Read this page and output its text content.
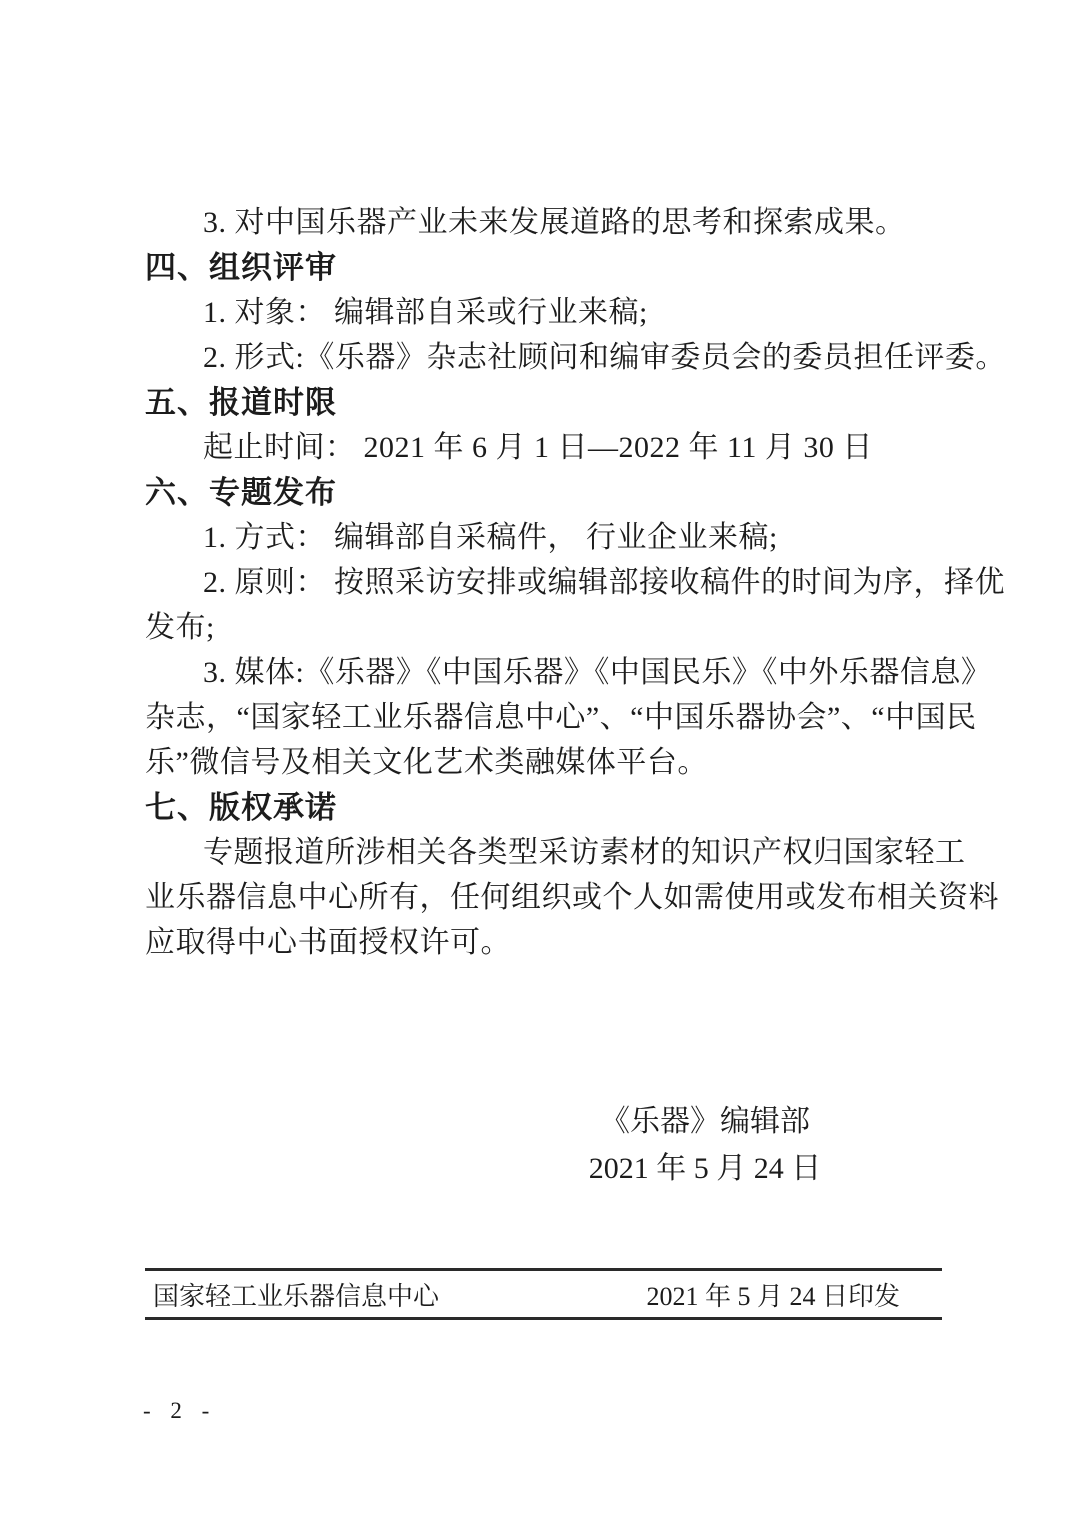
3. 对中国乐器产业未来发展道路的思考和探索成果。
四、组织评审
1. 对象： 编辑部自采或行业来稿;
2. 形式:《乐器》杂志社顾问和编审委员会的委员担任评委。
五、报道时限
起止时间： 2021 年 6 月 1 日—2022 年 11 月 30 日
六、专题发布
1. 方式： 编辑部自采稿件， 行业企业来稿;
2. 原则： 按照采访安排或编辑部接收稿件的时间为序，择优
发布;
3. 媒体:《乐器》《中国乐器》《中国民乐》《中外乐器信息》
杂志，“国家轻工业乐器信息中心”、“中国乐器协会”、“中国民
乐”微信号及相关文化艺术类融媒体平台。
七、版权承诺
专题报道所涉相关各类型采访素材的知识产权归国家轻工
业乐器信息中心所有，任何组织或个人如需使用或发布相关资料
应取得中心书面授权许可。
《乐器》编辑部
2021 年 5 月 24 日
国家轻工业乐器信息中心	2021 年 5 月 24 日印发
- 2 -
